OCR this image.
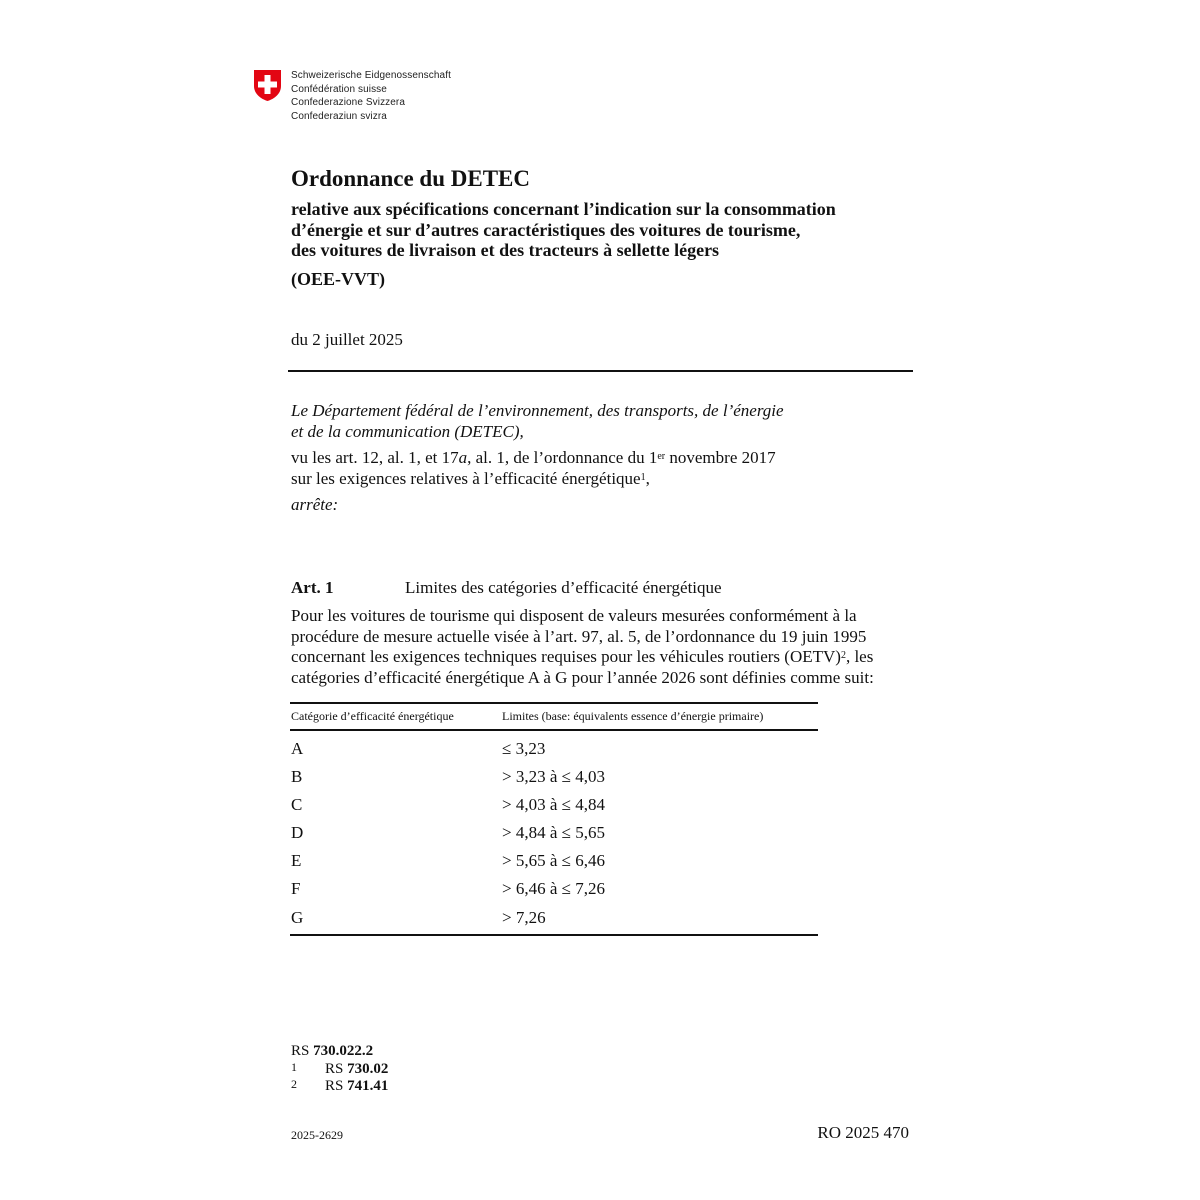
Schweizerische Eidgenossenschaft
Confédération suisse
Confederazione Svizzera
Confederaziun svizra
Ordonnance du DETEC
relative aux spécifications concernant l’indication sur la consommation
d’énergie et sur d’autres caractéristiques des voitures de tourisme,
des voitures de livraison et des tracteurs à sellette légers
(OEE-VVT)
du 2 juillet 2025
Le Département fédéral de l’environnement, des transports, de l’énergie
et de la communication (DETEC),
vu les art. 12, al. 1, et 17a, al. 1, de l’ordonnance du 1er novembre 2017
sur les exigences relatives à l’efficacité énergétique$^1$,
arrête:
Art. 1	Limites des catégories d’efficacité énergétique
Pour les voitures de tourisme qui disposent de valeurs mesurées conformément à la
procédure de mesure actuelle visée à l’art. 97, al. 5, de l’ordonnance du 19 juin 1995
concernant les exigences techniques requises pour les véhicules routiers (OETV)$^2$, les
catégories d’efficacité énergétique A à G pour l’année 2026 sont définies comme suit:
Catégorie d’efficacité énergétique	Limites (base: équivalents essence d’énergie primaire)
A	≤ 3,23
B	> 3,23 à ≤ 4,03
C	> 4,03 à ≤ 4,84
D	> 4,84 à ≤ 5,65
E	> 5,65 à ≤ 6,46
F	> 6,46 à ≤ 7,26
G	> 7,26
RS 730.022.2
1 RS 730.02
2 RS 741.41
2025-2629	RO 2025 470
